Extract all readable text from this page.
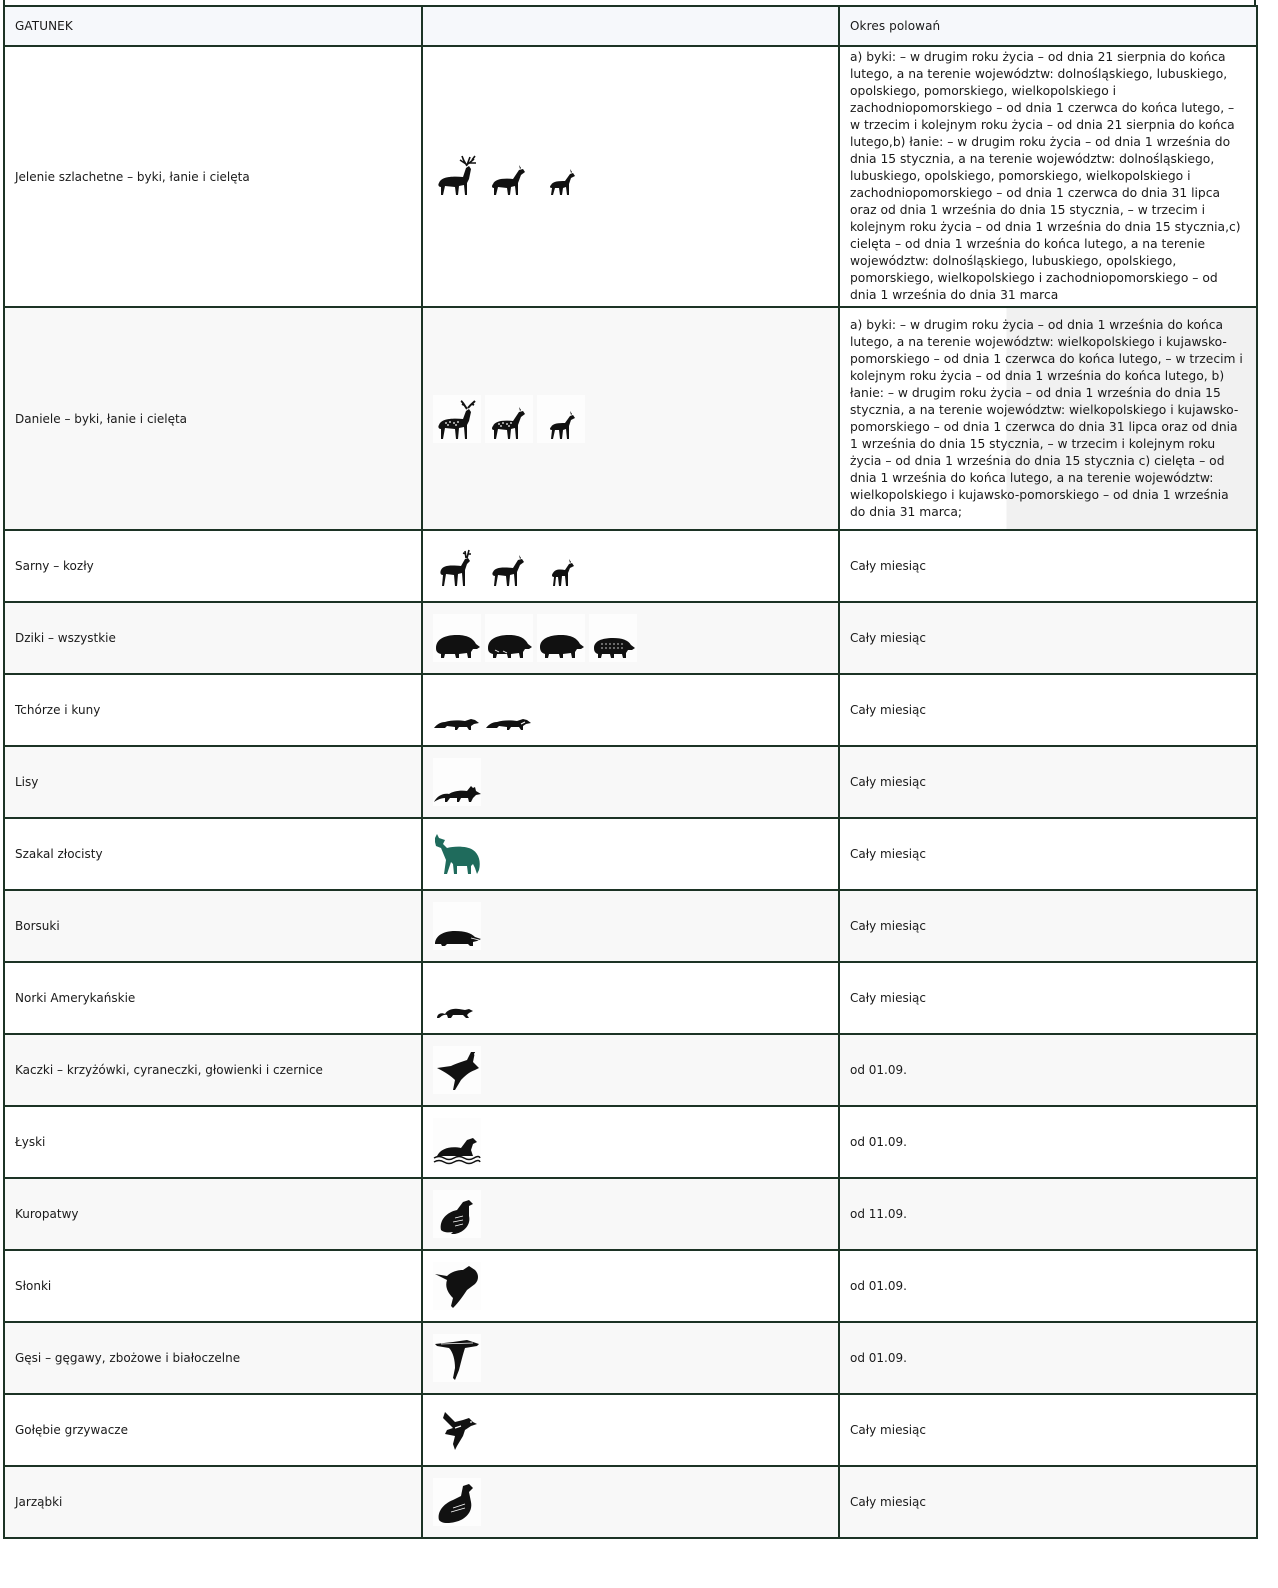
GATUNEK		Okres polowań
Jelenie szlachetne – byki, łanie i cielęta		a) byki: – w drugim roku życia – od dnia 21 sierpnia do końca lutego, a na terenie województw: dolnośląskiego, lubuskiego, opolskiego, pomorskiego, wielkopolskiego i zachodniopomorskiego – od dnia 1 czerwca do końca lutego, – w trzecim i kolejnym roku życia – od dnia 21 sierpnia do końca lutego,b) łanie: – w drugim roku życia – od dnia 1 września do dnia 15 stycznia, a na terenie województw: dolnośląskiego, lubuskiego, opolskiego, pomorskiego, wielkopolskiego i zachodniopomorskiego – od dnia 1 czerwca do dnia 31 lipca oraz od dnia 1 września do dnia 15 stycznia, – w trzecim i kolejnym roku życia – od dnia 1 września do dnia 15 stycznia,c) cielęta – od dnia 1 września do końca lutego, a na terenie województw: dolnośląskiego, lubuskiego, opolskiego, pomorskiego, wielkopolskiego i zachodniopomorskiego – od dnia 1 września do dnia 31 marca
Daniele – byki, łanie i cielęta		a) byki: – w drugim roku życia – od dnia 1 września do końca lutego, a na terenie województw: wielkopolskiego i kujawsko-pomorskiego – od dnia 1 czerwca do końca lutego, – w trzecim i kolejnym roku życia – od dnia 1 września do końca lutego, b) łanie: – w drugim roku życia – od dnia 1 września do dnia 15 stycznia, a na terenie województw: wielkopolskiego i kujawsko-pomorskiego – od dnia 1 czerwca do dnia 31 lipca oraz od dnia 1 września do dnia 15 stycznia, – w trzecim i kolejnym roku życia – od dnia 1 września do dnia 15 stycznia c) cielęta – od dnia 1 września do końca lutego, a na terenie województw: wielkopolskiego i kujawsko-pomorskiego – od dnia 1 września do dnia 31 marca;
Sarny – kozły		Cały miesiąc
Dziki – wszystkie		Cały miesiąc
Tchórze i kuny		Cały miesiąc
Lisy		Cały miesiąc
Szakal złocisty		Cały miesiąc
Borsuki		Cały miesiąc
Norki Amerykańskie		Cały miesiąc
Kaczki – krzyżówki, cyraneczki, głowienki i czernice		od 01.09.
Łyski		od 01.09.
Kuropatwy		od 11.09.
Słonki		od 01.09.
Gęsi – gęgawy, zbożowe i białoczelne		od 01.09.
Gołębie grzywacze		Cały miesiąc
Jarząbki		Cały miesiąc
